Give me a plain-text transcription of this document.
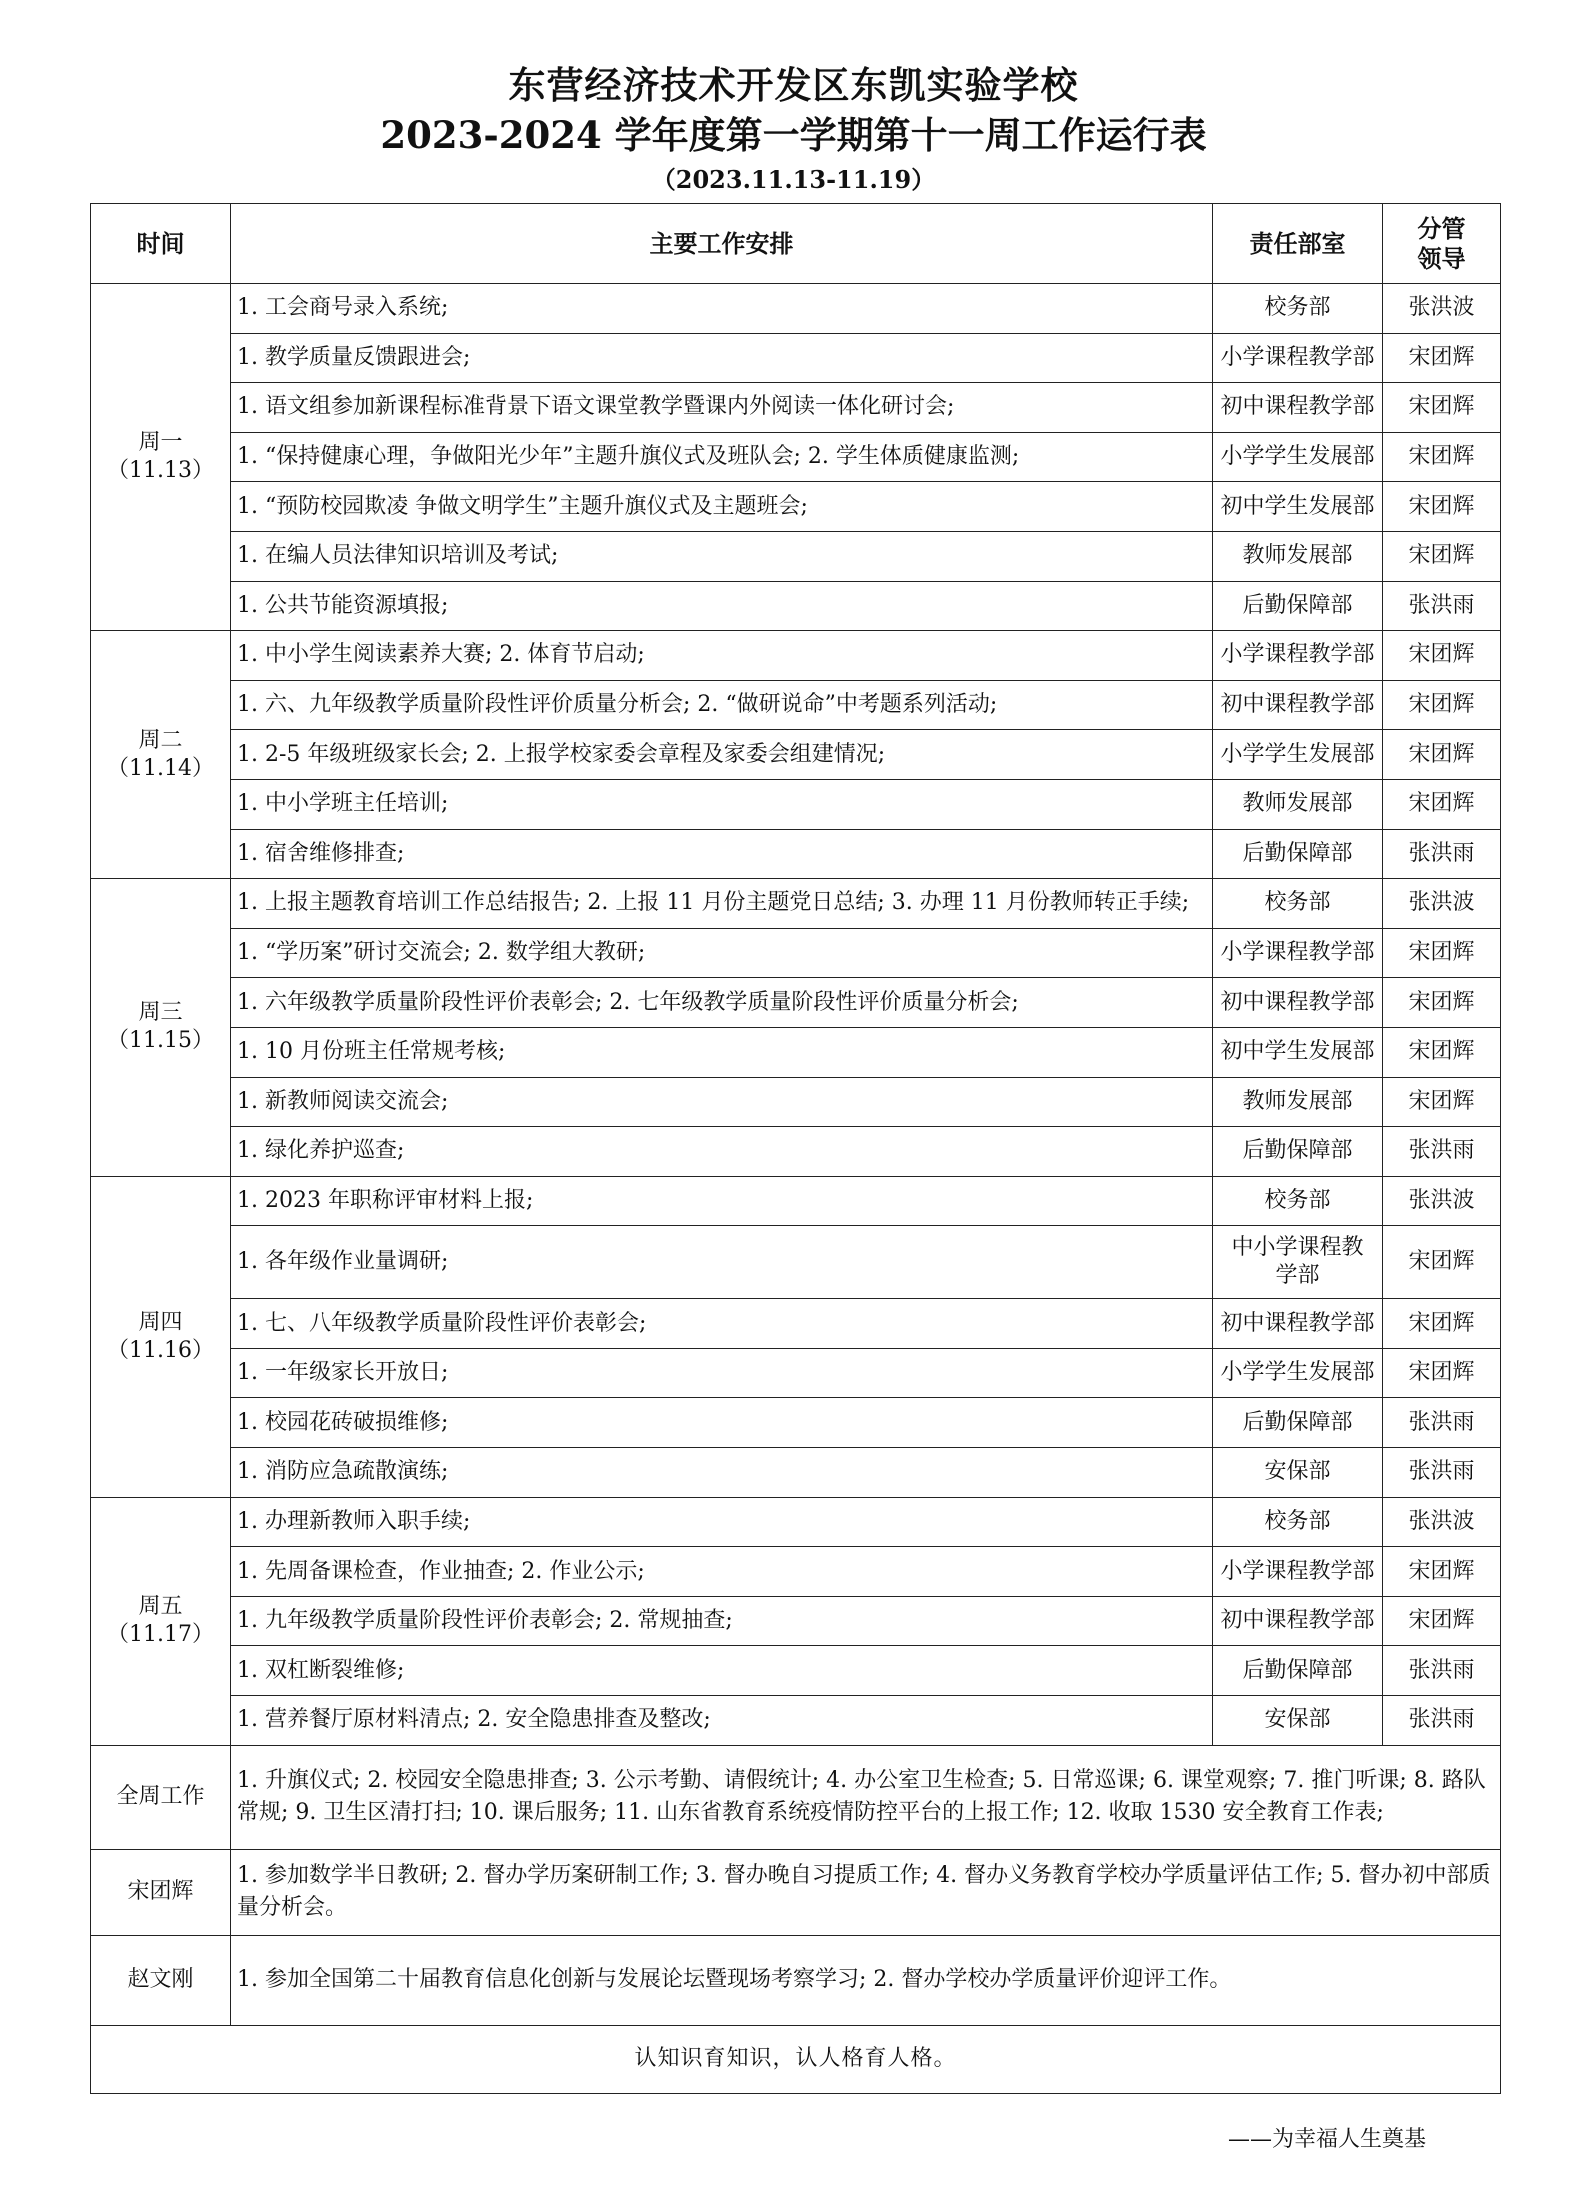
东营经济技术开发区东凯实验学校
2023-2024 学年度第一学期第十一周工作运行表
（2023.11.13-11.19）
时间	主要工作安排	责任部室	分管领导

周一
（11.13）	1. 工会商号录入系统;	校务部	张洪波
	1. 教学质量反馈跟进会;	小学课程教学部	宋团辉
	1. 语文组参加新课程标准背景下语文课堂教学暨课内外阅读一体化研讨会;	初中课程教学部	宋团辉
	1. “保持健康心理，争做阳光少年”主题升旗仪式及班队会; 2. 学生体质健康监测;	小学学生发展部	宋团辉
	1. “预防校园欺凌 争做文明学生”主题升旗仪式及主题班会;	初中学生发展部	宋团辉
	1. 在编人员法律知识培训及考试;	教师发展部	宋团辉
	1. 公共节能资源填报;	后勤保障部	张洪雨

周二
（11.14）	1. 中小学生阅读素养大赛; 2. 体育节启动;	小学课程教学部	宋团辉
	1. 六、九年级教学质量阶段性评价质量分析会; 2. “做研说命”中考题系列活动;	初中课程教学部	宋团辉
	1. 2-5 年级班级家长会; 2. 上报学校家委会章程及家委会组建情况;	小学学生发展部	宋团辉
	1. 中小学班主任培训;	教师发展部	宋团辉
	1. 宿舍维修排查;	后勤保障部	张洪雨

周三
（11.15）	1. 上报主题教育培训工作总结报告; 2. 上报 11 月份主题党日总结; 3. 办理 11 月份教师转正手续;	校务部	张洪波
	1. “学历案”研讨交流会; 2. 数学组大教研;	小学课程教学部	宋团辉
	1. 六年级教学质量阶段性评价表彰会; 2. 七年级教学质量阶段性评价质量分析会;	初中课程教学部	宋团辉
	1. 10 月份班主任常规考核;	初中学生发展部	宋团辉
	1. 新教师阅读交流会;	教师发展部	宋团辉
	1. 绿化养护巡查;	后勤保障部	张洪雨

周四
（11.16）	1. 2023 年职称评审材料上报;	校务部	张洪波
	1. 各年级作业量调研;	中小学课程教学部	宋团辉
	1. 七、八年级教学质量阶段性评价表彰会;	初中课程教学部	宋团辉
	1. 一年级家长开放日;	小学学生发展部	宋团辉
	1. 校园花砖破损维修;	后勤保障部	张洪雨
	1. 消防应急疏散演练;	安保部	张洪雨

周五
（11.17）	1. 办理新教师入职手续;	校务部	张洪波
	1. 先周备课检查，作业抽查; 2. 作业公示;	小学课程教学部	宋团辉
	1. 九年级教学质量阶段性评价表彰会; 2. 常规抽查;	初中课程教学部	宋团辉
	1. 双杠断裂维修;	后勤保障部	张洪雨
	1. 营养餐厅原材料清点; 2. 安全隐患排查及整改;	安保部	张洪雨
全周工作	1. 升旗仪式; 2. 校园安全隐患排查; 3. 公示考勤、请假统计; 4. 办公室卫生检查; 5. 日常巡课; 6. 课堂观察; 7. 推门听课; 8. 路队常规; 9. 卫生区清打扫; 10. 课后服务; 11. 山东省教育系统疫情防控平台的上报工作; 12. 收取 1530 安全教育工作表;		
宋团辉	1. 参加数学半日教研; 2. 督办学历案研制工作; 3. 督办晚自习提质工作; 4. 督办义务教育学校办学质量评估工作; 5. 督办初中部质量分析会。		
赵文刚	1. 参加全国第二十届教育信息化创新与发展论坛暨现场考察学习; 2. 督办学校办学质量评价迎评工作。		
认知识育知识，认人格育人格。			
——为幸福人生奠基
